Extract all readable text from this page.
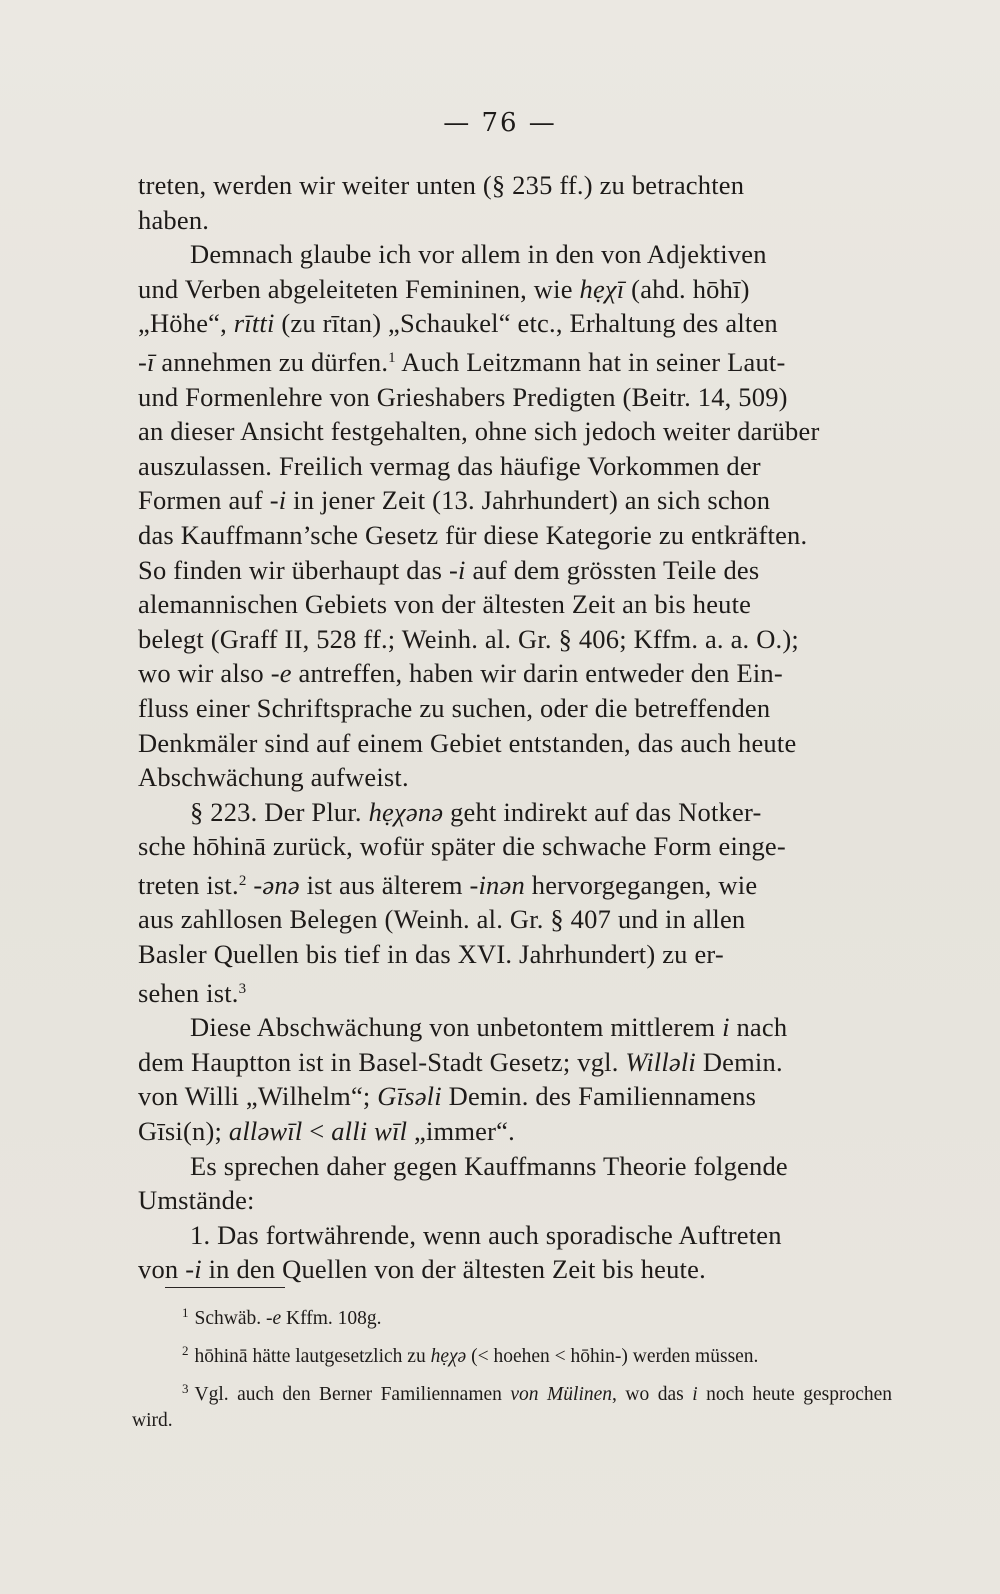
— 76 —

treten, werden wir weiter unten (§ 235 ff.) zu betrachten
haben.

Demnach glaube ich vor allem in den von Adjektiven
und Verben abgeleiteten Femininen, wie hẹχī (ahd. hōhī)
„Höhe“, rītti (zu rītan) „Schaukel“ etc., Erhaltung des alten
-ī annehmen zu dürfen.$^1$ Auch Leitzmann hat in seiner Laut-
und Formenlehre von Grieshabers Predigten (Beitr. 14, 509)
an dieser Ansicht festgehalten, ohne sich jedoch weiter darüber
auszulassen. Freilich vermag das häufige Vorkommen der
Formen auf -i in jener Zeit (13. Jahrhundert) an sich schon
das Kauffmann’sche Gesetz für diese Kategorie zu entkräften.
So finden wir überhaupt das -i auf dem grössten Teile des
alemannischen Gebiets von der ältesten Zeit an bis heute
belegt (Graff II, 528 ff.; Weinh. al. Gr. § 406; Kffm. a. a. O.);
wo wir also -e antreffen, haben wir darin entweder den Ein-
fluss einer Schriftsprache zu suchen, oder die betreffenden
Denkmäler sind auf einem Gebiet entstanden, das auch heute
Abschwächung aufweist.

§ 223. Der Plur. hẹχənə geht indirekt auf das Notker-
sche hōhinā zurück, wofür später die schwache Form einge-
treten ist.$^2$ -ənə ist aus älterem -inən hervorgegangen, wie
aus zahllosen Belegen (Weinh. al. Gr. § 407 und in allen
Basler Quellen bis tief in das XVI. Jahrhundert) zu er-
sehen ist.$^3$

Diese Abschwächung von unbetontem mittlerem i nach
dem Hauptton ist in Basel-Stadt Gesetz; vgl. Willəli Demin.
von Willi „Wilhelm“; Gīsəli Demin. des Familiennamens
Gīsi(n); alləwīl < alli wīl „immer“.

Es sprechen daher gegen Kauffmanns Theorie folgende
Umstände:

1. Das fortwährende, wenn auch sporadische Auftreten
von -i in den Quellen von der ältesten Zeit bis heute.

$^1$ Schwäb. -e Kffm. 108g.

$^2$ hōhinā hätte lautgesetzlich zu hẹχə (< hoehen < hōhin-) werden müssen.

$^3$ Vgl. auch den Berner Familiennamen von Mülinen, wo das i noch heute gesprochen wird.
